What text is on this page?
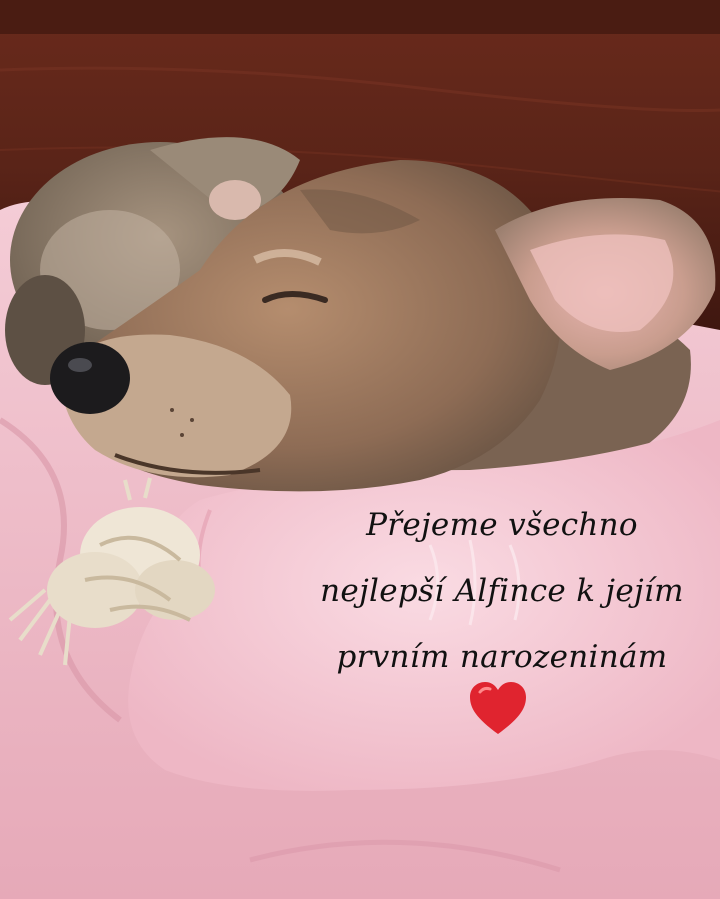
Přejeme všechno
nejlepší Alfince k jejím
prvním narozeninám
